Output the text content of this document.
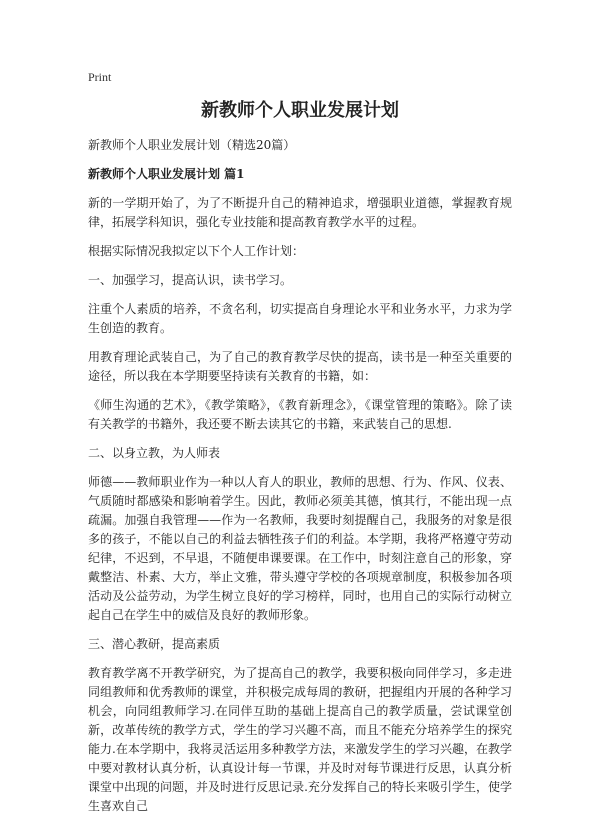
Print
新教师个人职业发展计划
新教师个人职业发展计划（精选20篇）
新教师个人职业发展计划 篇1
新的一学期开始了，为了不断提升自己的精神追求，增强职业道德，掌握教育规律，拓展学科知识，强化专业技能和提高教育教学水平的过程。
根据实际情况我拟定以下个人工作计划：
一、加强学习，提高认识，读书学习。
注重个人素质的培养，不贪名利，切实提高自身理论水平和业务水平，力求为学生创造的教育。
用教育理论武装自己，为了自己的教育教学尽快的提高，读书是一种至关重要的途径，所以我在本学期要坚持读有关教育的书籍，如：
《师生沟通的艺术》，《教学策略》，《教育新理念》，《课堂管理的策略》。除了读有关教学的书籍外，我还要不断去读其它的书籍，来武装自己的思想.
二、以身立教，为人师表
师德——教师职业作为一种以人育人的职业，教师的思想、行为、作风、仪表、气质随时都感染和影响着学生。因此，教师必须美其德，慎其行，不能出现一点疏漏。加强自我管理——作为一名教师，我要时刻提醒自己，我服务的对象是很多的孩子，不能以自己的利益去牺牲孩子们的利益。本学期，我将严格遵守劳动纪律，不迟到，不早退，不随便串课要课。在工作中，时刻注意自己的形象，穿戴整洁、朴素、大方，举止文雅，带头遵守学校的各项规章制度，积极参加各项活动及公益劳动，为学生树立良好的学习榜样，同时，也用自己的实际行动树立起自己在学生中的威信及良好的教师形象。
三、潜心教研，提高素质
教育教学离不开教学研究，为了提高自己的教学，我要积极向同伴学习，多走进同组教师和优秀教师的课堂，并积极完成每周的教研，把握组内开展的各种学习机会，向同组教师学习.在同伴互助的基础上提高自己的教学质量，尝试课堂创新，改革传统的教学方式，学生的学习兴趣不高，而且不能充分培养学生的探究能力.在本学期中，我将灵活运用多种教学方法，来激发学生的学习兴趣，在教学中要对教材认真分析，认真设计每一节课，并及时对每节课进行反思，认真分析课堂中出现的问题，并及时进行反思记录.充分发挥自己的特长来吸引学生，使学生喜欢自己
